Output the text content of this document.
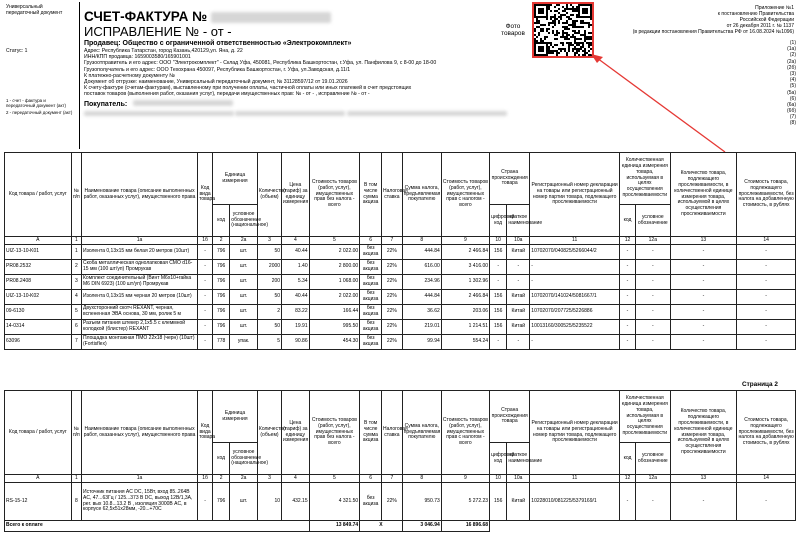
Универсальный передаточный документ
Статус: 1
1 - счет - фактура и передаточный документ (акт)
2 - передаточный документ (акт)
СЧЕТ-ФАКТУРА №
ИСПРАВЛЕНИЕ № - от -	Фото товаров
Приложение №1
к постановлению Правительства
Российской Федерации
от 26 декабря 2011 г. № 1137
(в редакции постановления Правительства РФ от 16.08.2024 №1096)
Продавец: Общество с ограниченной ответственностью «Электрокомплект»
Адрес: Республика Татарстан, город Казань,420129,ул. Яна, д. 22
ИНН/КПП продавца: 1659003580/165901001
Грузоотправитель и его адрес: ООО "Электрокомплект" - Склад Уфа, 450081, Республика Башкортостан, г.Уфа, ул. Панфилова 9, с 8-00 до 18-00
Грузополучатель и его адрес: ООО Техохрана 450097, Республика Башкортостан, г. Уфа, ул.Заводская, д.11/1
К платежно-расчетному документу №
Документ об отгрузке: наименование, Универсальный передаточный документ, № 31128597/12 от 19.01.2026
К счету-фактуре (счетам-фактурам), выставленному при получении оплаты, частичной оплаты или иных платежей в счет предстоящих
поставок товаров (выполнения работ, оказания услуг), передачи имущественных прав: № - от - , исправление № - от -
Покупатель:

(1)
(1a)
(2)
(2a)
(2б)
(3)
(4)
(5)
(5a)
(6)
(6a)
(6б)
(7)
(8)
Код товара / работ, услуг	№ п/п	Наименование товара (описание выполненных работ, оказанных услуг), имущественного права	Код вида товара	Единица измерения		Количество (объем)	Цена (тариф) за единицу измерения	Стоимость товаров (работ, услуг), имущественных прав без налога - всего	В том числе сумма акциза	Налоговая ставка	Сумма налога, предъявляемая покупателю	Стоимость товаров (работ, услуг), имущественных прав с налогом - всего	Страна происхождения товара		Регистрационный номер декларации на товары или регистрационный номер партии товара, подлежащего прослеживаемости	Количественная единица измерения товара, используемая в целях осуществления прослеживаемости		Количество товара, подлежащего прослеживаемости, в количественной единице измерения товара, используемой в целях осуществления прослеживаемости	Стоимость товара, подлежащего прослеживаемости, без налога на добавленную стоимость, в рублях
				код	условное обозначение (национальное)								цифровой код	краткое наименование		код	условное обозначение		
А	1	1a	1б	2	2a	3	4	5	6	7	8	9	10	10a	11	12	12a	13	14
UIZ-13-10-K01	1	Изолента 0,13х15 мм белая 20 метров (10шт)	-	796	шт.	50	40.44	2 022.00	без акциза	22%	444.84	2 466.84	156	Китай	10702070/040825/5266044/2	-	-	-	-
PR08.2532	2	Скоба металлическая однолапковая СМО d16-15 мм (100 шт/уп) Промрукав	-	796	шт.	2000	1.40	2 800.00	без акциза	22%	616.00	3 416.00	-	-	-	-	-	-	-
PR08.2408	3	Комплект соединительный (Винт М6х10+гайка М6 DIN 6923) (100 шт/уп) Промрукав	-	796	шт.	200	5.34	1 068.00	без акциза	22%	234.96	1 302.96	-	-	-	-	-	-	-
UIZ-13-10-K02	4	Изолента 0,13х15 мм черная 20 метров (10шт)	-	796	шт.	50	40.44	2 022.00	без акциза	22%	444.84	2 466.84	156	Китай	10702070/141024/5081667/1	-	-	-	-
09-6130	5	Двухсторонний скотч REXANT, черная, вспененная ЭВА основа, 30 мм, ролик 5 м	-	796	шт.	2	83.22	166.44	без акциза	22%	36.62	203.06	156	Китай	10702070/207725/5226886	-	-	-	-
14-0314	6	Разъем питания штекер 2,1х5.5 с клеммной колодкой (блистер) REXANT	-	796	шт.	50	19.91	995.50	без акциза	22%	219.01	1 214.51	156	Китай	10013160/300525/5235522	-	-	-	-
63096	7	Площадка монтажная ПМО 22х18 (черн) (10шт) (Fortisflex)	-	778	упак.	5	90.86	454.30	без акциза	22%	99.94	554.24	-	-	-	-	-	-	-
Страница 2
Код товара / работ, услуг	№ п/п	Наименование товара (описание выполненных работ, оказанных услуг), имущественного права	Код вида товара	Единица измерения		Количество (объем)	Цена (тариф) за единицу измерения	Стоимость товаров (работ, услуг), имущественных прав без налога - всего	В том числе сумма акциза	Налоговая ставка	Сумма налога, предъявляемая покупателю	Стоимость товаров (работ, услуг), имущественных прав с налогом - всего	Страна происхождения товара		Регистрационный номер декларации на товары или регистрационный номер партии товара, подлежащего прослеживаемости	Количественная единица измерения товара, используемая в целях осуществления прослеживаемости		Количество товара, подлежащего прослеживаемости, в количественной единице измерения товара, используемой в целях осуществления прослеживаемости	Стоимость товара, подлежащего прослеживаемости, без налога на добавленную стоимость, в рублях
				код	условное обозначение (национальное)								цифровой код	краткое наименование		код	условное обозначение		
А	1	1a	1б	2	2a	3	4	5	6	7	8	9	10	10a	11	12	12a	13	14
RS-15-12	8	Источник питания AC DC, 15Вт, вход 85..264В AC, 47...63Гц / 125...373 В DC, выход 12В/1,3А, рег. вых 10.8...13.2 В , изоляция 3000В AC, в корпусе 62,5х51х28мм, -20...+70С	-	796	шт.	10	432.15	4 321.50	без акциза	22%	950.73	5 272.23	156	Китай	10228010/081225/5379169/1	-	-	-	-
Всего к оплате								13 849.74	X		3 046.94	16 896.68							
